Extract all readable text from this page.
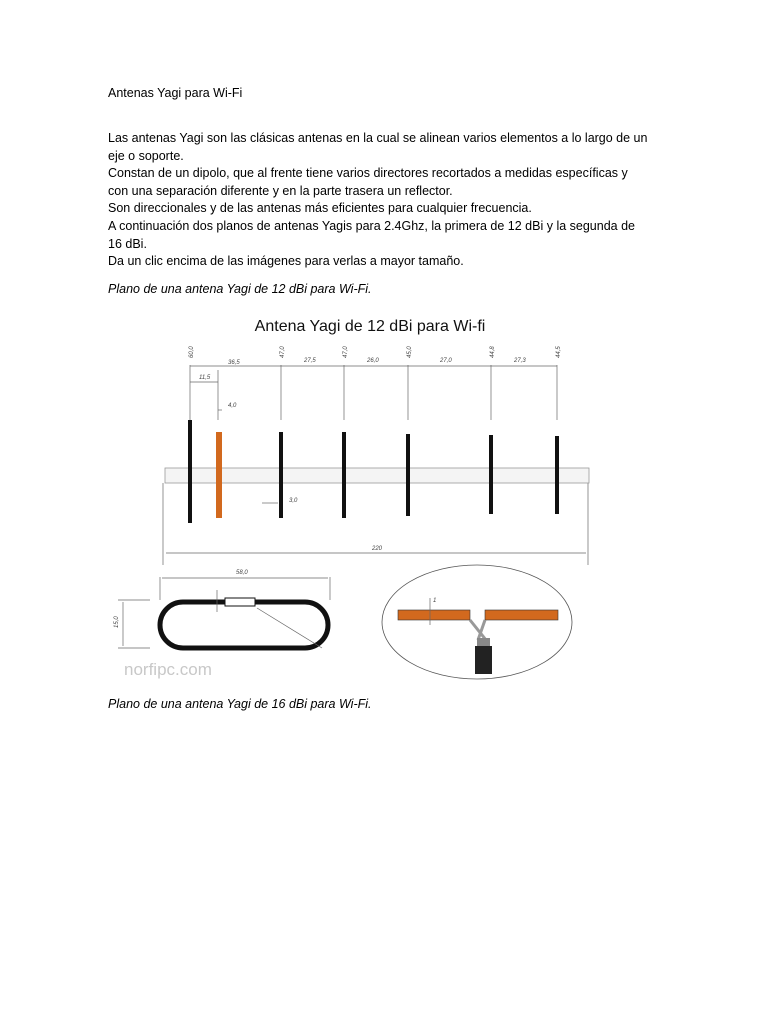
Antenas Yagi para Wi-Fi
Las antenas Yagi son las clásicas antenas en la cual se alinean varios elementos a lo largo de un
eje o soporte.
Constan de un dipolo, que al frente tiene varios directores recortados a medidas específicas y
con una separación diferente y en la parte trasera un reflector.
Son direccionales y de las antenas más eficientes para cualquier frecuencia.
A continuación dos planos de antenas Yagis para 2.4Ghz, la primera de 12 dBi y la segunda de
16 dBi.
Da un clic encima de las imágenes para verlas a mayor tamaño.
Plano de una antena Yagi de 12 dBi para Wi-Fi.
Antena Yagi de 12 dBi para Wi-fi
60,0	47,0	47,0	45,0	44,8	44,5
36,5	27,5	26,0	27,0	27,3
11,5
4,0
3,0
220
58,0
15,0
norfipc.com
1
Plano de una antena Yagi de 16 dBi para Wi-Fi.
